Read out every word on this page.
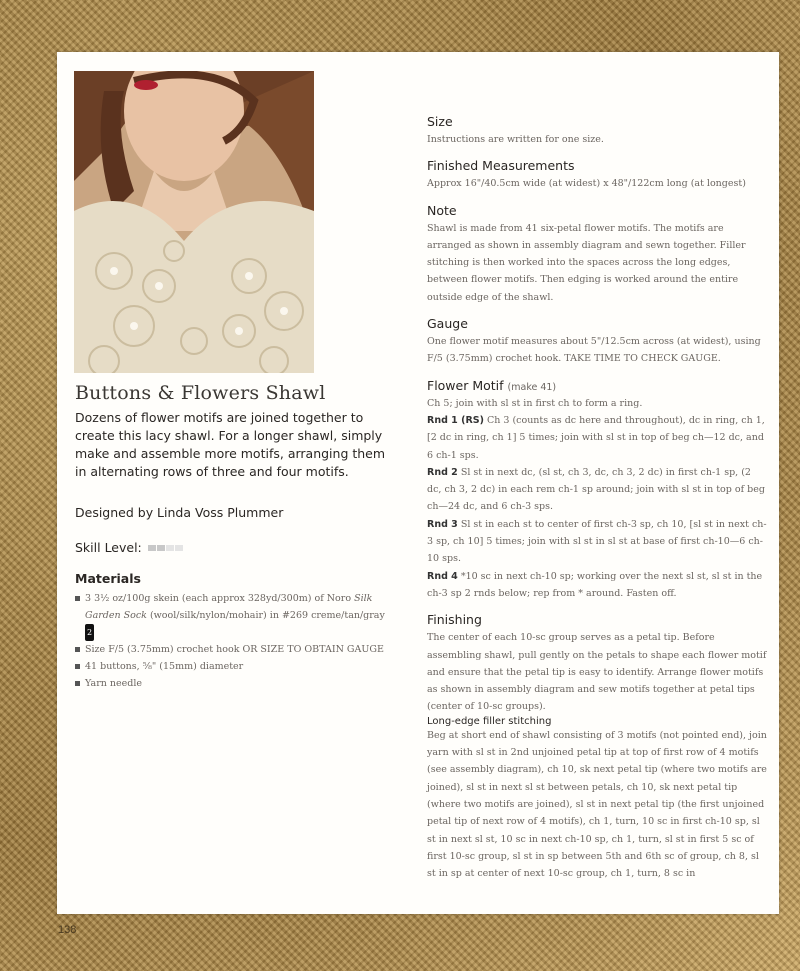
Buttons & Flowers Shawl

Dozens of flower motifs are joined together to create this lacy shawl. For a longer shawl, simply make and assemble more motifs, arranging them in alternating rows of three and four motifs.

Designed by Linda Voss Plummer

Skill Level:
Materials
3 3½ oz/100g skein (each approx 328yd/300m) of Noro Silk Garden Sock (wool/silk/nylon/mohair) in #269 creme/tan/gray 2
Size F/5 (3.75mm) crochet hook OR SIZE TO OBTAIN GAUGE
41 buttons, ⅝" (15mm) diameter
Yarn needle
Size

Instructions are written for one size.

Finished Measurements

Approx 16"/40.5cm wide (at widest) x 48"/122cm long (at longest)

Note

Shawl is made from 41 six-petal flower motifs. The motifs are arranged as shown in assembly diagram and sewn together. Filler stitching is then worked into the spaces across the long edges, between flower motifs. Then edging is worked around the entire outside edge of the shawl.

Gauge

One flower motif measures about 5"/12.5cm across (at widest), using F/5 (3.75mm) crochet hook. TAKE TIME TO CHECK GAUGE.

Flower Motif (make 41)

Ch 5; join with sl st in first ch to form a ring.

Rnd 1 (RS) Ch 3 (counts as dc here and throughout), dc in ring, ch 1, [2 dc in ring, ch 1] 5 times; join with sl st in top of beg ch—12 dc, and 6 ch-1 sps.

Rnd 2 Sl st in next dc, (sl st, ch 3, dc, ch 3, 2 dc) in first ch-1 sp, (2 dc, ch 3, 2 dc) in each rem ch-1 sp around; join with sl st in top of beg ch—24 dc, and 6 ch-3 sps.

Rnd 3 Sl st in each st to center of first ch-3 sp, ch 10, [sl st in next ch-3 sp, ch 10] 5 times; join with sl st in sl st at base of first ch-10—6 ch-10 sps.

Rnd 4 *10 sc in next ch-10 sp; working over the next sl st, sl st in the ch-3 sp 2 rnds below; rep from * around. Fasten off.

Finishing

The center of each 10-sc group serves as a petal tip. Before assembling shawl, pull gently on the petals to shape each flower motif and ensure that the petal tip is easy to identify. Arrange flower motifs as shown in assembly diagram and sew motifs together at petal tips (center of 10-sc groups).

Long-edge filler stitching

Beg at short end of shawl consisting of 3 motifs (not pointed end), join yarn with sl st in 2nd unjoined petal tip at top of first row of 4 motifs (see assembly diagram), ch 10, sk next petal tip (where two motifs are joined), sl st in next sl st between petals, ch 10, sk next petal tip (where two motifs are joined), sl st in next petal tip (the first unjoined petal tip of next row of 4 motifs), ch 1, turn, 10 sc in first ch-10 sp, sl st in next sl st, 10 sc in next ch-10 sp, ch 1, turn, sl st in first 5 sc of first 10-sc group, sl st in sp between 5th and 6th sc of group, ch 8, sl st in sp at center of next 10-sc group, ch 1, turn, 8 sc in

138
